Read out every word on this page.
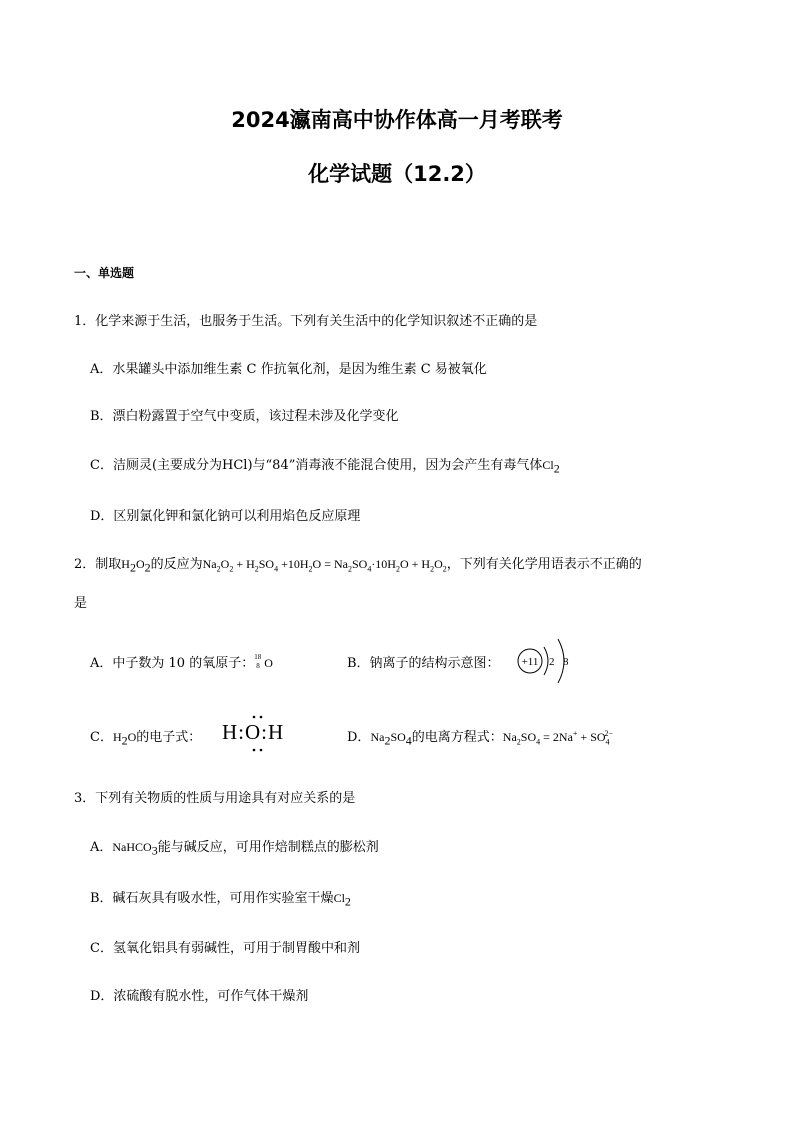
2024瀛南高中协作体高一月考联考
化学试题（12.2）
一、单选题
1．化学来源于生活，也服务于生活。下列有关生活中的化学知识叙述不正确的是
A．水果罐头中添加维生素 C 作抗氧化剂，是因为维生素 C 易被氧化
B．漂白粉露置于空气中变质，该过程未涉及化学变化
C．洁厕灵(主要成分为HCl)与“84”消毒液不能混合使用，因为会产生有毒气体$Cl_2$
D．区别氯化钾和氯化钠可以利用焰色反应原理
2．制取$H_2O_2$的反应为$Na_2O_2 + H_2SO_4 +10H_2O = Na_2SO_4\cdot 10H_2O + H_2O_2$，下列有关化学用语表示不正确的
是
A．中子数为 10 的氧原子： 18
8 O	B．钠离子的结构示意图： +11 2 8
C．$H_2O$的电子式： H:O:H	D．$Na_2SO_4$的电离方程式：$Na_2SO_4 = 2Na^+ + SO_4^{2-}$
3．下列有关物质的性质与用途具有对应关系的是
A．NaHCO$_3$能与碱反应，可用作焙制糕点的膨松剂
B．碱石灰具有吸水性，可用作实验室干燥$Cl_2$
C．氢氧化铝具有弱碱性，可用于制胃酸中和剂
D．浓硫酸有脱水性，可作气体干燥剂
